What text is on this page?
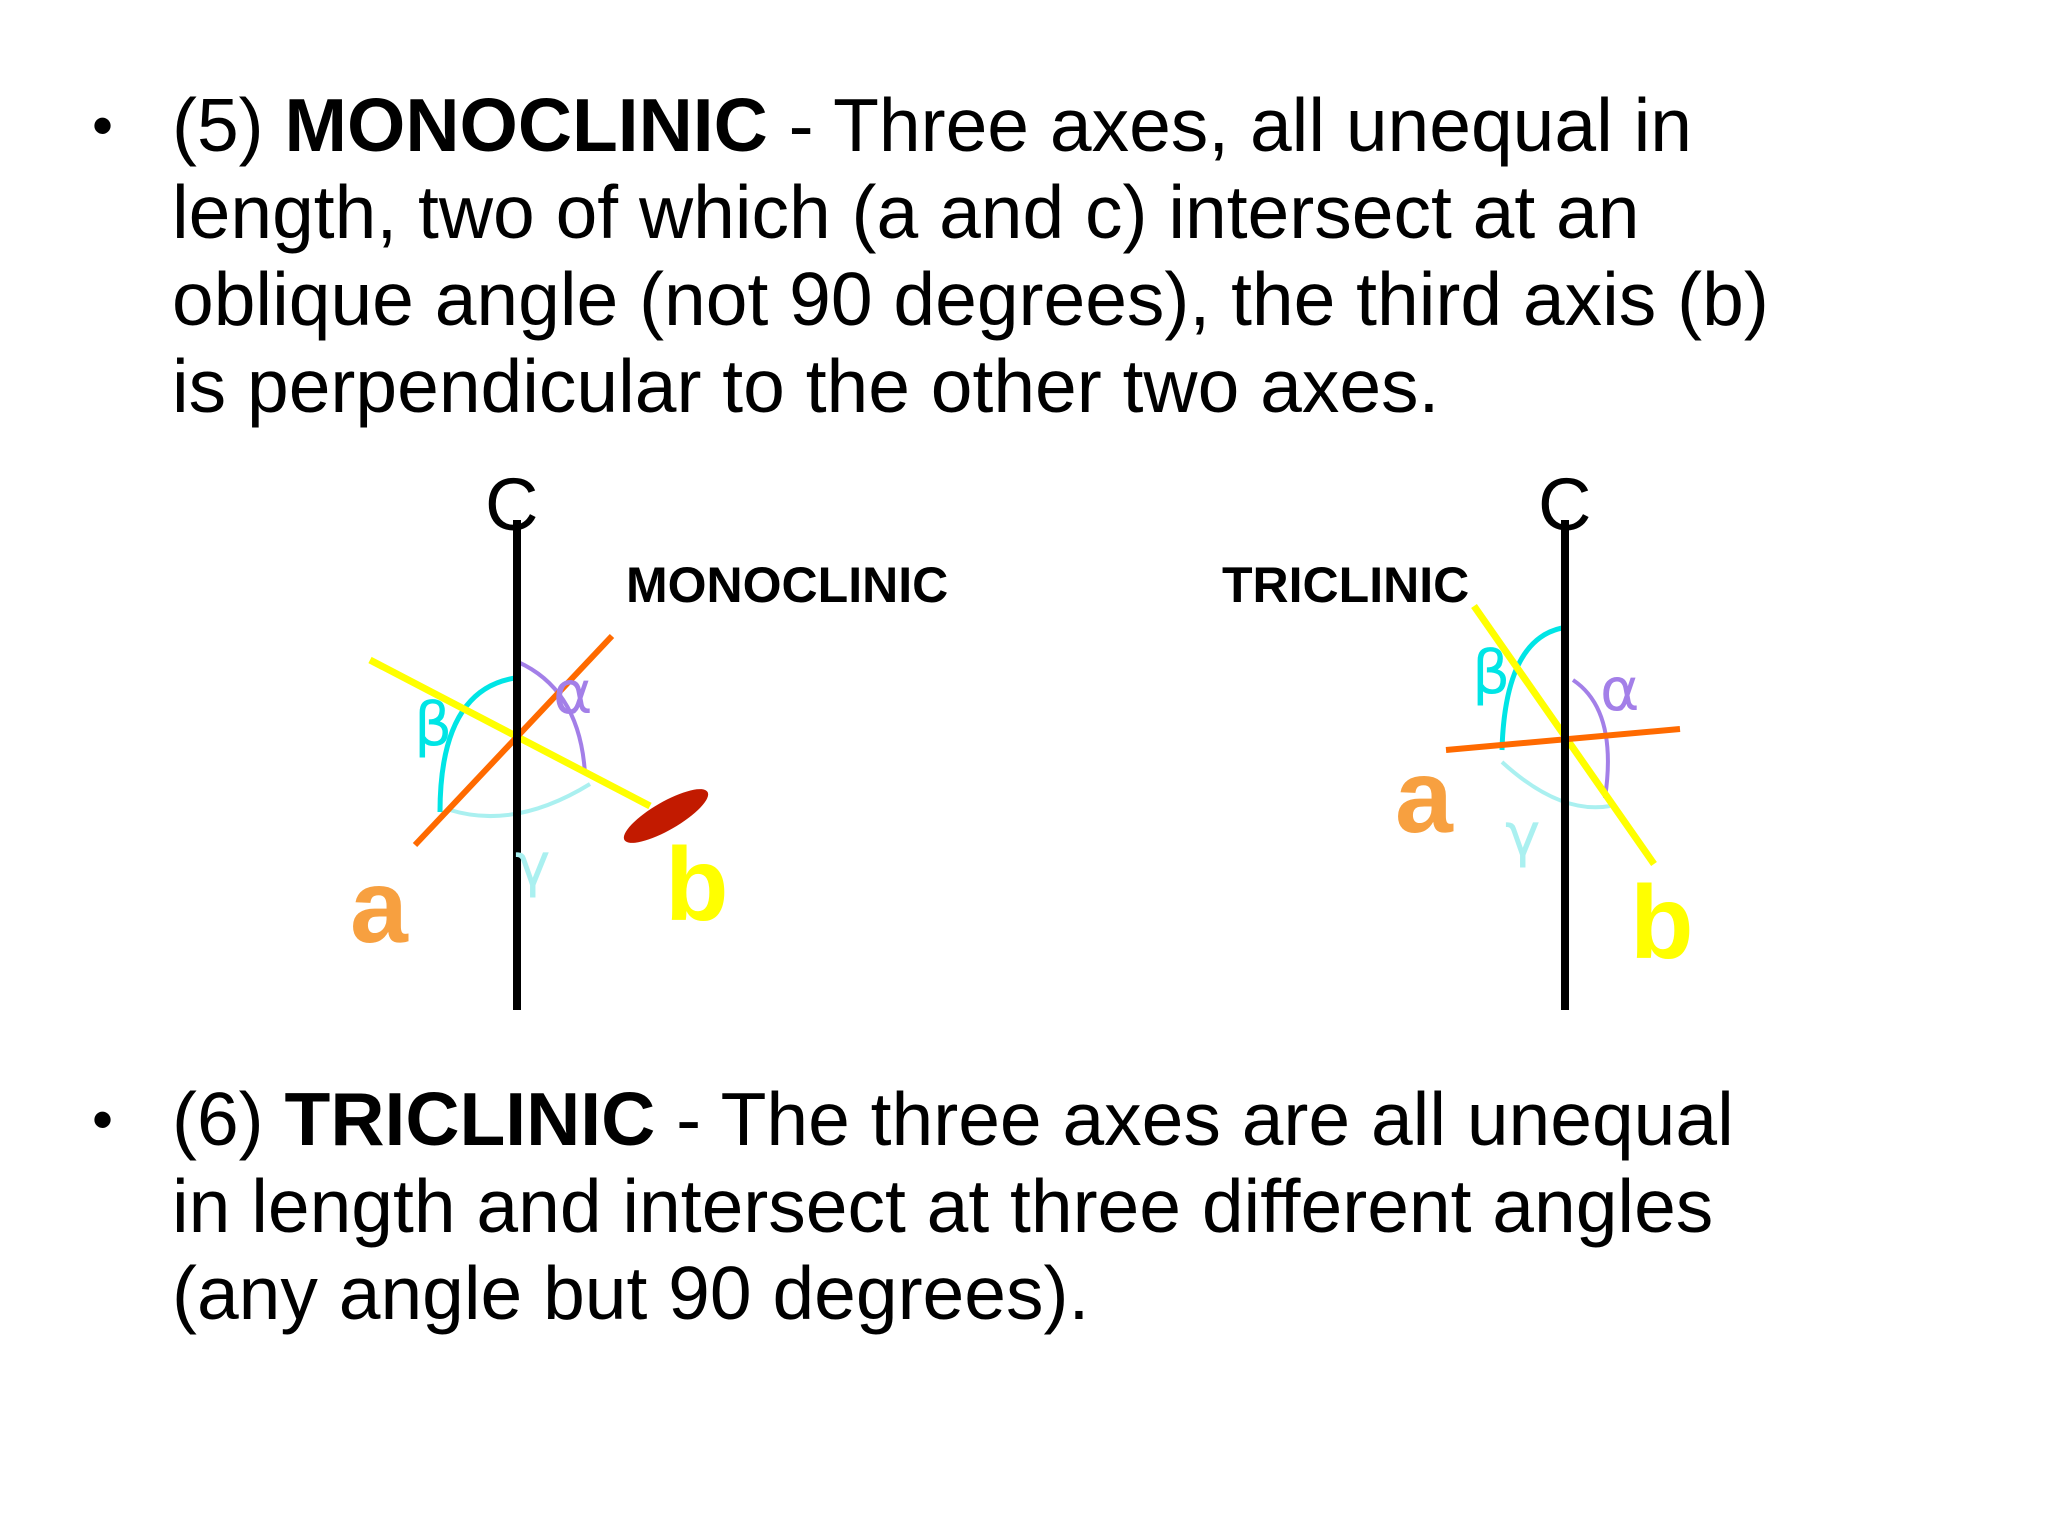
• (5) MONOCLINIC - Three axes, all unequal in
length, two of which (a and c) intersect at an
oblique angle (not 90 degrees), the third axis (b)
is perpendicular to the other two axes.
• (6) TRICLINIC - The three axes are all unequal
in length and intersect at three different angles
(any angle but 90 degrees).
MONOCLINIC
β α
γ
C
a b
TRICLINIC
β α
γ
C
a
b
